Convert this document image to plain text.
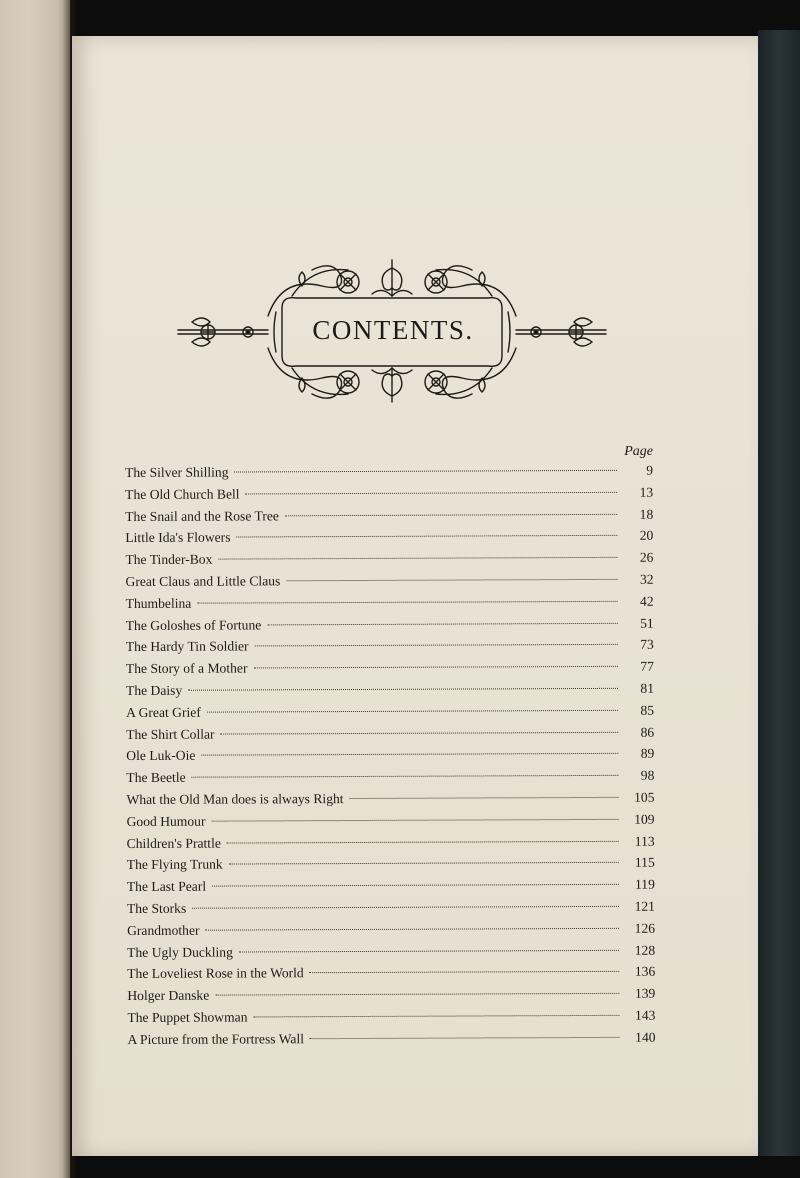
CONTENTS.
Page
The Silver Shilling	9
The Old Church Bell	13
The Snail and the Rose Tree	18
Little Ida's Flowers	20
The Tinder-Box	26
Great Claus and Little Claus	32
Thumbelina	42
The Goloshes of Fortune	51
The Hardy Tin Soldier	73
The Story of a Mother	77
The Daisy	81
A Great Grief	85
The Shirt Collar	86
Ole Luk-Oie	89
The Beetle	98
What the Old Man does is always Right	105
Good Humour	109
Children's Prattle	113
The Flying Trunk	115
The Last Pearl	119
The Storks	121
Grandmother	126
The Ugly Duckling	128
The Loveliest Rose in the World	136
Holger Danske	139
The Puppet Showman	143
A Picture from the Fortress Wall	140
